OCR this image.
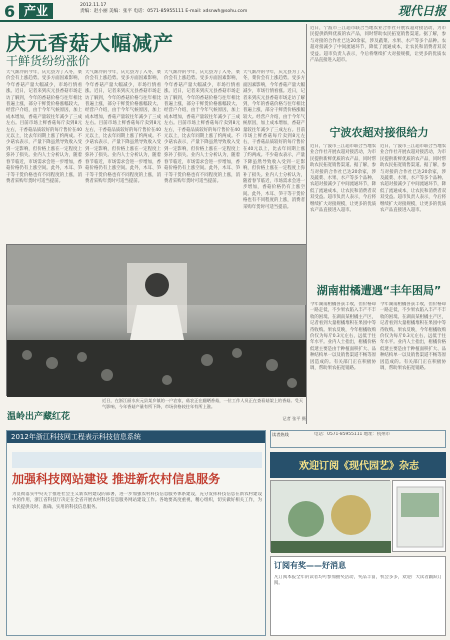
6 产业	2012.11.17
责编：赵小丽 美编：张平 电话：0571-85955111 E-mail: xdsnwh@sohu.com	现代日报
庆元香菇大幅减产
干鲜货纷纷涨价
天气渐冷的今年，庆元县为了入冬，菜价会有上涨趋势。受多方面因素影响，今年香菇产量大幅减少，市场行情看涨。近日，记者来到庆元县香菇市场走访了解到，今年的香菇价格与往年相比普遍上涨，部分干鲜货价格涨幅较大。经营户介绍，由于今年气候原因，加上成本增加，香菇产量较往年减少了三成左右。目前市场上鲜香菇每斤卖到8元左右，干香菇品质较好的每斤售价在40元以上，比去年同期上涨了约两成。不少菇农表示，产量下降虽然导致收入受到一定影响，但价格上涨在一定程度上弥补了损失。业内人士分析认为，随着春节临近，市场需求会进一步增加，香菇价格仍有上涨空间。此外，木耳、笋干等干货价格也有不同程度的上涨，消费者采购年货时可适当提前。
天气渐冷的今年，庆元县为了入冬，菜价会有上涨趋势。受多方面因素影响，今年香菇产量大幅减少，市场行情看涨。近日，记者来到庆元县香菇市场走访了解到，今年的香菇价格与往年相比普遍上涨，部分干鲜货价格涨幅较大。经营户介绍，由于今年气候原因，加上成本增加，香菇产量较往年减少了三成左右。目前市场上鲜香菇每斤卖到8元左右，干香菇品质较好的每斤售价在40元以上，比去年同期上涨了约两成。不少菇农表示，产量下降虽然导致收入受到一定影响，但价格上涨在一定程度上弥补了损失。业内人士分析认为，随着春节临近，市场需求会进一步增加，香菇价格仍有上涨空间。此外，木耳、笋干等干货价格也有不同程度的上涨，消费者采购年货时可适当提前。
天气渐冷的今年，庆元县为了入冬，菜价会有上涨趋势。受多方面因素影响，今年香菇产量大幅减少，市场行情看涨。近日，记者来到庆元县香菇市场走访了解到，今年的香菇价格与往年相比普遍上涨，部分干鲜货价格涨幅较大。经营户介绍，由于今年气候原因，加上成本增加，香菇产量较往年减少了三成左右。目前市场上鲜香菇每斤卖到8元左右，干香菇品质较好的每斤售价在40元以上，比去年同期上涨了约两成。不少菇农表示，产量下降虽然导致收入受到一定影响，但价格上涨在一定程度上弥补了损失。业内人士分析认为，随着春节临近，市场需求会进一步增加，香菇价格仍有上涨空间。此外，木耳、笋干等干货价格也有不同程度的上涨，消费者采购年货时可适当提前。
天气渐冷的今年，庆元县为了入冬，菜价会有上涨趋势。受多方面因素影响，今年香菇产量大幅减少，市场行情看涨。近日，记者来到庆元县香菇市场走访了解到，今年的香菇价格与往年相比普遍上涨，部分干鲜货价格涨幅较大。经营户介绍，由于今年气候原因，加上成本增加，香菇产量较往年减少了三成左右。目前市场上鲜香菇每斤卖到8元左右，干香菇品质较好的每斤售价在40元以上，比去年同期上涨了约两成。不少菇农表示，产量下降虽然导致收入受到一定影响，但价格上涨在一定程度上弥补了损失。业内人士分析认为，随着春节临近，市场需求会进一步增加，香菇价格仍有上涨空间。此外，木耳、笋干等干货价格也有不同程度的上涨，消费者采购年货时可适当提前。
近日，在浙江丽水庆元县某乡镇的一户农家，菇农正在翻晒香菇，一位工作人员正在查看菇架上的香菇。受天气影响，今年香菇产量有所下降，市场价格较往年有所上涨。
温岭出产藏红花	记者 张平 摄
近日，宁波市三江超市联合当地农业合作社开展农超对接活动，为市民提供新鲜优质的农产品，同时帮助农民拓宽销售渠道。据了解，参与对接的合作社已达20余家，涉及蔬菜、水果、水产等多个品种。农超对接减少了中间流通环节，降低了流通成本，让农民和消费者双双受益。超市负责人表示，今后将继续扩大对接规模，让更多的优质农产品直接进入超市。
宁波农超对接很给力
近日，宁波市三江超市联合当地农业合作社开展农超对接活动，为市民提供新鲜优质的农产品，同时帮助农民拓宽销售渠道。据了解，参与对接的合作社已达20余家，涉及蔬菜、水果、水产等多个品种。农超对接减少了中间流通环节，降低了流通成本，让农民和消费者双双受益。超市负责人表示，今后将继续扩大对接规模，让更多的优质农产品直接进入超市。
近日，宁波市三江超市联合当地农业合作社开展农超对接活动，为市民提供新鲜优质的农产品，同时帮助农民拓宽销售渠道。据了解，参与对接的合作社已达20余家，涉及蔬菜、水果、水产等多个品种。农超对接减少了中间流通环节，降低了流通成本，让农民和消费者双双受益。超市负责人表示，今后将继续扩大对接规模，让更多的优质农产品直接进入超市。
湖南柑橘遭遇“丰年困局”
今年湖南柑橘喜获丰收，但价格却一路走低，不少果农陷入丰产不丰收的困境。在湖南某柑橘主产区，记者看到大量柑橘堆积在果园中等待收购。果农反映，今年柑橘收购价仅为每斤0.3元左右，远低于往年水平。业内人士指出，柑橘价格低迷主要是由于种植面积扩大、品种结构单一以及销售渠道不畅等原因造成的。有关部门正在积极协调，帮助果农拓宽销路。
今年湖南柑橘喜获丰收，但价格却一路走低，不少果农陷入丰产不丰收的困境。在湖南某柑橘主产区，记者看到大量柑橘堆积在果园中等待收购。果农反映，今年柑橘收购价仅为每斤0.3元左右，远低于往年水平。业内人士指出，柑橘价格低迷主要是由于种植面积扩大、品种结构单一以及销售渠道不畅等原因造成的。有关部门正在积极协调，帮助果农拓宽销路。
2012年浙江科技网工程表示科技信息系统
加强科技网站建设 推进新农村信息服务
为贯彻落实中央关于推进社会主义新农村建设的部署，进一步加强农村科技信息服务体系建设，充分发挥科技信息在新农村建设中的作用，浙江省科技厅决定在全省开展农村科技信息服务网站建设工作。各地要高度重视，精心组织，切实做好相关工作，为农民提供及时、准确、实用的科技信息服务。
读者热线	电话：0571-85955111 地址：杭州市
欢迎订阅《现代园艺》杂志
订阅有奖——好消息
凡订阅本报全年的读者均可参加抽奖活动，奖品丰富，机会多多，欢迎广大读者踊跃订阅。
